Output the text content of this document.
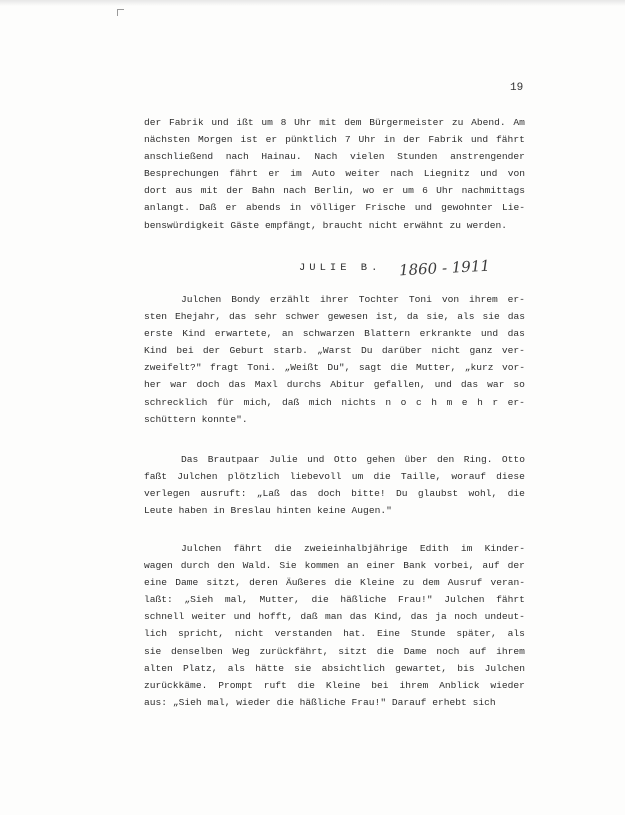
19
der Fabrik und ißt um 8 Uhr mit dem Bürgermeister zu Abend. Am
nächsten Morgen ist er pünktlich 7 Uhr in der Fabrik und fährt
anschließend nach Hainau. Nach vielen Stunden anstrengender
Besprechungen fährt er im Auto weiter nach Liegnitz und von
dort aus mit der Bahn nach Berlin, wo er um 6 Uhr nachmittags
anlangt. Daß er abends in völliger Frische und gewohnter Lie-
benswürdigkeit Gäste empfängt, braucht nicht erwähnt zu werden.
JULIE B. 1860 - 1911
Julchen Bondy erzählt ihrer Tochter Toni von ihrem er-
sten Ehejahr, das sehr schwer gewesen ist, da sie, als sie das
erste Kind erwartete, an schwarzen Blattern erkrankte und das
Kind bei der Geburt starb. „Warst Du darüber nicht ganz ver-
zweifelt?" fragt Toni. „Weißt Du", sagt die Mutter, „kurz vor-
her war doch das Maxl durchs Abitur gefallen, und das war so
schrecklich für mich, daß mich nichts n o c h m e h r er-
schüttern konnte".
Das Brautpaar Julie und Otto gehen über den Ring. Otto
faßt Julchen plötzlich liebevoll um die Taille, worauf diese
verlegen ausruft: „Laß das doch bitte! Du glaubst wohl, die
Leute haben in Breslau hinten keine Augen."
Julchen fährt die zweieinhalbjährige Edith im Kinder-
wagen durch den Wald. Sie kommen an einer Bank vorbei, auf der
eine Dame sitzt, deren Äußeres die Kleine zu dem Ausruf veran-
laßt: „Sieh mal, Mutter, die häßliche Frau!" Julchen fährt
schnell weiter und hofft, daß man das Kind, das ja noch undeut-
lich spricht, nicht verstanden hat. Eine Stunde später, als
sie denselben Weg zurückfährt, sitzt die Dame noch auf ihrem
alten Platz, als hätte sie absichtlich gewartet, bis Julchen
zurückkäme. Prompt ruft die Kleine bei ihrem Anblick wieder
aus: „Sieh mal, wieder die häßliche Frau!" Darauf erhebt sich
